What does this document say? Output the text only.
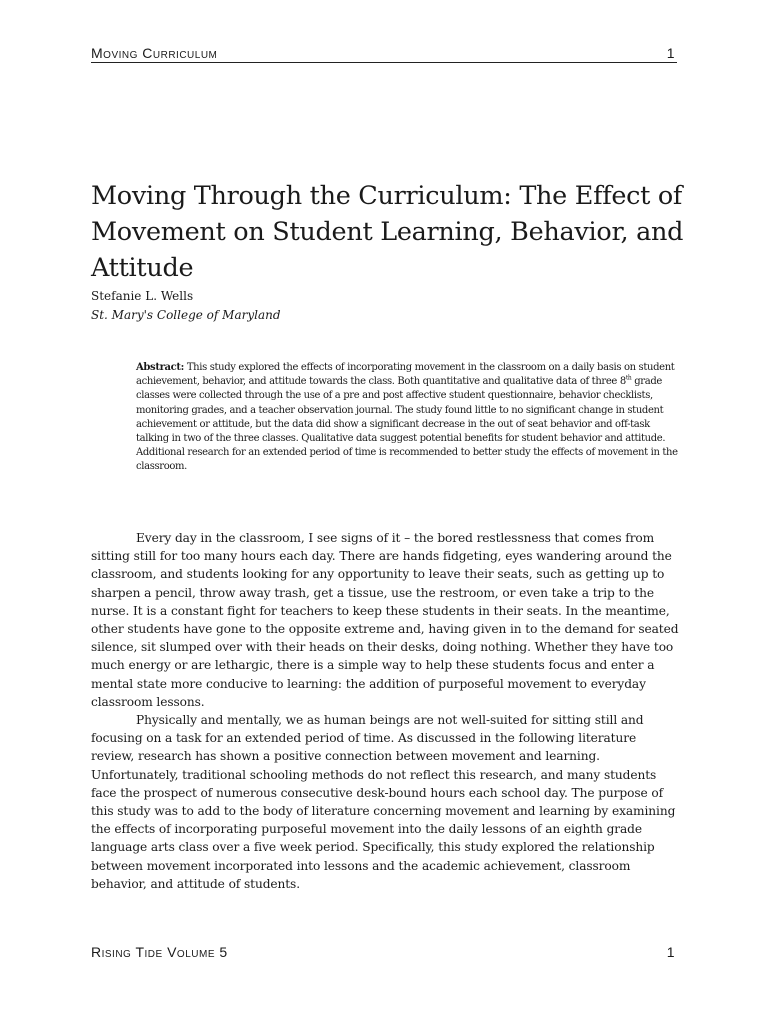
Moving Curriculum	1
Moving Through the Curriculum: The Effect of Movement on Student Learning, Behavior, and Attitude
Stefanie L. Wells
St. Mary's College of Maryland

Abstract: This study explored the effects of incorporating movement in the classroom on a daily basis on student achievement, behavior, and attitude towards the class. Both quantitative and qualitative data of three 8th grade classes were collected through the use of a pre and post affective student questionnaire, behavior checklists, monitoring grades, and a teacher observation journal. The study found little to no significant change in student achievement or attitude, but the data did show a significant decrease in the out of seat behavior and off-task talking in two of the three classes. Qualitative data suggest potential benefits for student behavior and attitude. Additional research for an extended period of time is recommended to better study the effects of movement in the classroom.

Every day in the classroom, I see signs of it – the bored restlessness that comes from sitting still for too many hours each day. There are hands fidgeting, eyes wandering around the classroom, and students looking for any opportunity to leave their seats, such as getting up to sharpen a pencil, throw away trash, get a tissue, use the restroom, or even take a trip to the nurse. It is a constant fight for teachers to keep these students in their seats. In the meantime, other students have gone to the opposite extreme and, having given in to the demand for seated silence, sit slumped over with their heads on their desks, doing nothing. Whether they have too much energy or are lethargic, there is a simple way to help these students focus and enter a mental state more conducive to learning: the addition of purposeful movement to everyday classroom lessons.

Physically and mentally, we as human beings are not well-suited for sitting still and focusing on a task for an extended period of time. As discussed in the following literature review, research has shown a positive connection between movement and learning. Unfortunately, traditional schooling methods do not reflect this research, and many students face the prospect of numerous consecutive desk-bound hours each school day. The purpose of this study was to add to the body of literature concerning movement and learning by examining the effects of incorporating purposeful movement into the daily lessons of an eighth grade language arts class over a five week period. Specifically, this study explored the relationship between movement incorporated into lessons and the academic achievement, classroom behavior, and attitude of students.

Rising Tide Volume 5	1
